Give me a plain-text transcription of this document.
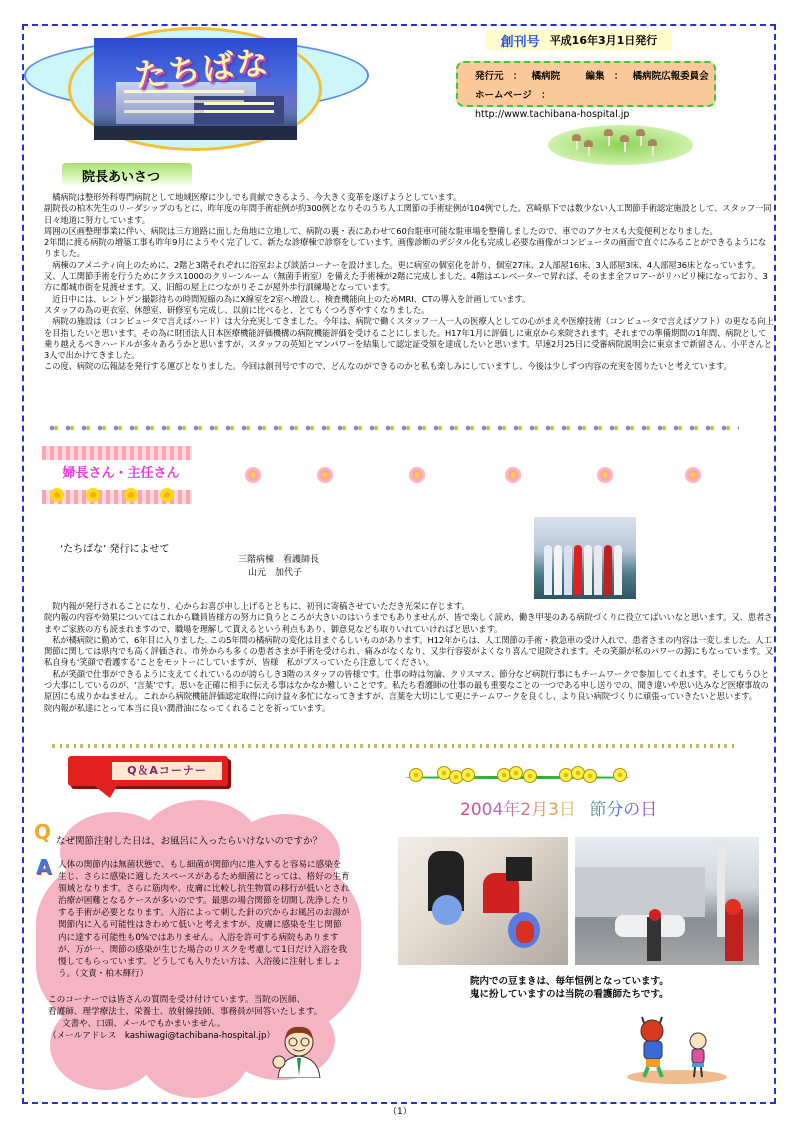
たちばな
創刊号 平成16年3月1日発行
発行元 ： 橘病院	編集 ： 橘病院広報委員会
ホームページ ： http://www.tachibana-hospital.jp
院長あいさつ
　橘病院は整形外科専門病院として地域医療に少しでも貢献できるよう、今大きく変革を遂げようとしています。
副院長の柏木先生のリーダシップのもとに、昨年度の年間手術症例が約300例となりそのうち人工関節の手術症例が104例でした。宮崎県下では数少ない人工関節手術認定施設として、スタッフ一同日々地道に努力しています。
周囲の区画整理事業に伴い、病院は三方道路に面した角地に立地して、病院の裏・表にあわせて60台駐車可能な駐車場を整備しましたので、車でのアクセスも大変便利となりました。
2年間に渡る病院の増築工事も昨年9月にようやく完了して、新たな診療棟で診察をしています。画像診断のデジタル化も完成し必要な画像がコンピュータの画面で直ぐにみることができるようになりました。
　病棟のアメニティ向上のために、2階と3階それぞれに浴室および談話コーナーを設けました。更に病室の個室化を計り、個室27床、2人部屋16床、3人部屋3床、4人部屋36床となっています。又、人工関節手術を行うためにクラス1000のクリーンルーム（無菌手術室）を備えた手術棟が2階に完成しました。4階はエレベーターで昇れば、そのまま全フロアーがリハビリ棟になっており、3方に都城市街を見渡せます。又、旧館の屋上につながりそこが屋外歩行訓練場となっています。
　近日中には、レントゲン撮影待ちの時間短縮の為にX線室を2室へ増設し、検査機能向上のためMRI、CTの導入を計画しています。
スタッフの為の更衣室、休憩室、研修室も完成し、以前に比べると、とてもくつろぎやすくなりました。
　病院の施設は（コンピュータで言えばハード）は大分充実してきました。今年は、病院で働くスタッフ一人一人の医療人としての心がまえや医療技術（コンピュータで言えばソフト）の更なる向上を目指したいと思います。その為に財団法人日本医療機能評価機構の病院機能評価を受けることにしました。H17年1月に評価しに東京から来院されます。それまでの準備期間の1年間、病院として乗り越えるべきハードルが多々あろうかと思いますが、スタッフの英知とマンパワーを結集して認定証受領を達成したいと思います。早速2月25日に受審病院説明会に東京まで新留さん、小平さんと3人で出かけてきました。
この度、病院の広報誌を発行する運びとなりました。今回は創刊号ですので、どんなのができるのかと私も楽しみにしていますし、今後は少しずつ内容の充実を図りたいと考えています。
婦長さん・主任さん
‘たちばな’ 発行によせて
三階病棟　看護師長
山元　加代子
　院内報が発行されることになり、心からお喜び申し上げるとともに、初刊に寄稿させていただき光栄に存じます。
院内報の内容や効果についてはこれから職員皆様方の努力に負うところが大きいのはいうまでもありませんが、皆で楽しく読め、働き甲斐のある病院づくりに役立てばいいなと思います。又、患者さまやご家族の方も読まれますので、職場を理解して貰えるという利点もあり、御意見なども取りいれていければと思います。
　私が橘病院に勤めて、6年目に入りました. この5年間の橘病院の変化は目まぐるしいものがあります。H12年からは、人工関節の手術・救急車の受け入れで、患者さまの内容は一変しました。人工関節に関しては県内でも高く評価され、市外からも多くの患者さまが手術を受けられ、痛みがなくなり、又歩行容姿がよくなり喜んで退院されます。その笑顔が私のパワーの源にもなっています。又私自身も‘笑顔で看護する’ことをモットーにしていますが、皆様　私がブスっていたら注意してください。
　私が笑顔で仕事ができるように支えてくれているのが誇らしき3階のスタッフの皆様です。仕事の時は勿論、クリスマス、節分など病院行事にもチームワークで参加してくれます。そしてもうひとつ大事にしているのが、‘言葉’です。思いを正確に相手に伝える事はなかなか難しいことです。私たち看護師の仕事の最も重要なことの一つである申し送りでの、聞き違いや思い込みなど医療事故の原因にも成りかねません。これから病院機能評価認定取得に向け益々多忙になってきますが、言葉を大切にして更にチームワークを良くし、より良い病院づくりに頑張っていきたいと思います。
院内報が私達にとって本当に良い潤滑油になってくれることを祈っています。
Q＆Aコーナー
Q なぜ関節注射した日は、お風呂に入ったらいけないのですか？
A 人体の関節内は無菌状態で、もし細菌が関節内に進入すると容易に感染を生じ、さらに感染に適したスペースがあるため細菌にとっては、格好の生育領域となります。さらに筋肉や、皮膚に比較し抗生物質の移行が低いとされ治療が困難となるケースが多いのです。最悪の場合関節を切開し洗浄したりする手術が必要となります。入浴によって刺した針の穴からお風呂のお湯が関節内に入る可能性はきわめて低いと考えますが、皮膚に感染を生じ関節内に達する可能性も0%ではありません。入浴を許可する病院もありますが、万が一、関節の感染が生じた場合のリスクを考慮して1日だけ入浴を我慢してもらっています。どうしても入りたい方は、入浴後に注射しましょう。（文責・柏木輝行）
このコーナーでは皆さんの質問を受け付けています。当院の医師、
看護師、理学療法士、栄養士、放射線技師、事務員が回答いたします。
文書や、口頭、メールでもかまいません。
（メールアドレス　kashiwagi@tachibana-hospital.jp）
2004年2月3日 節分の日
院内での豆まきは、毎年恒例となっています。
鬼に扮していますのは当院の看護師たちです。
（1）
